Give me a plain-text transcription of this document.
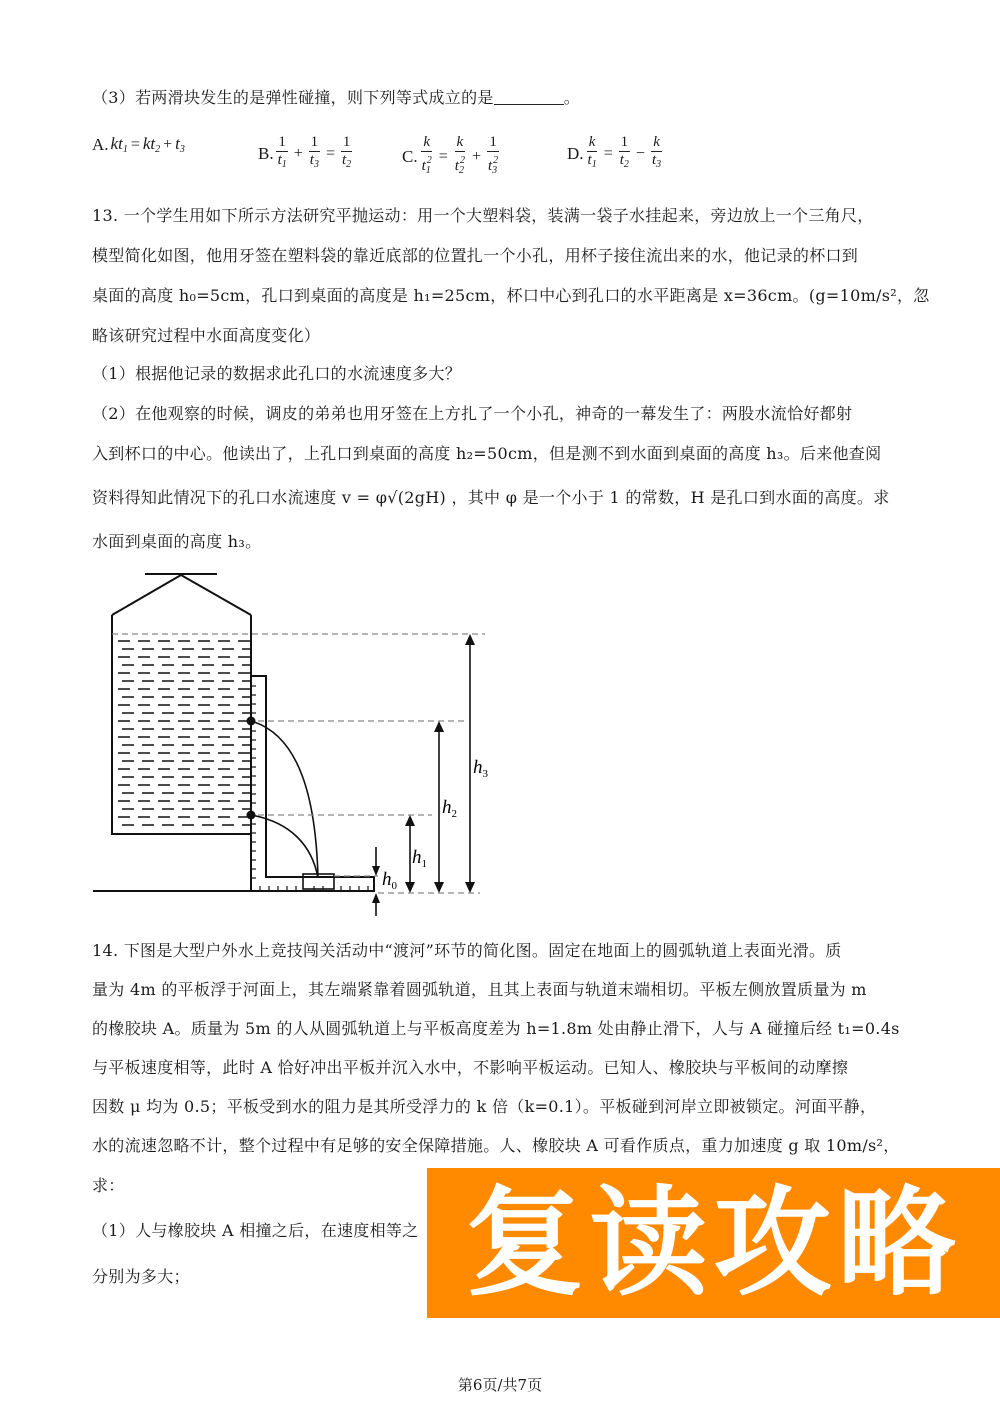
（3）若两滑块发生的是弹性碰撞，则下列等式成立的是	。
A. $kt_1 = kt_2 + t_3$	B. $\frac{1}{t_1} + \frac{1}{t_3} = \frac{1}{t_2}$	C. $\frac{k}{t_1^2} = \frac{k}{t_2^2} + \frac{1}{t_3^2}$	D. $\frac{k}{t_1} = \frac{1}{t_2} - \frac{k}{t_3}$
13. 一个学生用如下所示方法研究平抛运动：用一个大塑料袋，装满一袋子水挂起来，旁边放上一个三角尺，
模型简化如图，他用牙签在塑料袋的靠近底部的位置扎一个小孔，用杯子接住流出来的水，他记录的杯口到
桌面的高度 h₀=5cm，孔口到桌面的高度是 h₁=25cm，杯口中心到孔口的水平距离是 x=36cm。(g=10m/s²，忽
略该研究过程中水面高度变化）
（1）根据他记录的数据求此孔口的水流速度多大？
（2）在他观察的时候，调皮的弟弟也用牙签在上方扎了一个小孔，神奇的一幕发生了：两股水流恰好都射
入到杯口的中心。他读出了，上孔口到桌面的高度 h₂=50cm，但是测不到水面到桌面的高度 h₃。后来他查阅
资料得知此情况下的孔口水流速度 v = φ√(2gH) ，其中 φ 是一个小于 1 的常数，H 是孔口到水面的高度。求
水面到桌面的高度 h₃。
$h_1$
$h_2$
$h_3$
$h_0$
14. 下图是大型户外水上竞技闯关活动中“渡河”环节的简化图。固定在地面上的圆弧轨道上表面光滑。质
量为 4m 的平板浮于河面上，其左端紧靠着圆弧轨道，且其上表面与轨道末端相切。平板左侧放置质量为 m
的橡胶块 A。质量为 5m 的人从圆弧轨道上与平板高度差为 h=1.8m 处由静止滑下，人与 A 碰撞后经 t₁=0.4s
与平板速度相等，此时 A 恰好冲出平板并沉入水中，不影响平板运动。已知人、橡胶块与平板间的动摩擦
因数 μ 均为 0.5；平板受到水的阻力是其所受浮力的 k 倍（k=0.1）。平板碰到河岸立即被锁定。河面平静，
水的流速忽略不计，整个过程中有足够的安全保障措施。人、橡胶块 A 可看作质点，重力加速度 g 取 10m/s²，
求：
（1）人与橡胶块 A 相撞之后，在速度相等之
分别为多大； 复读攻略
第6页/共7页
